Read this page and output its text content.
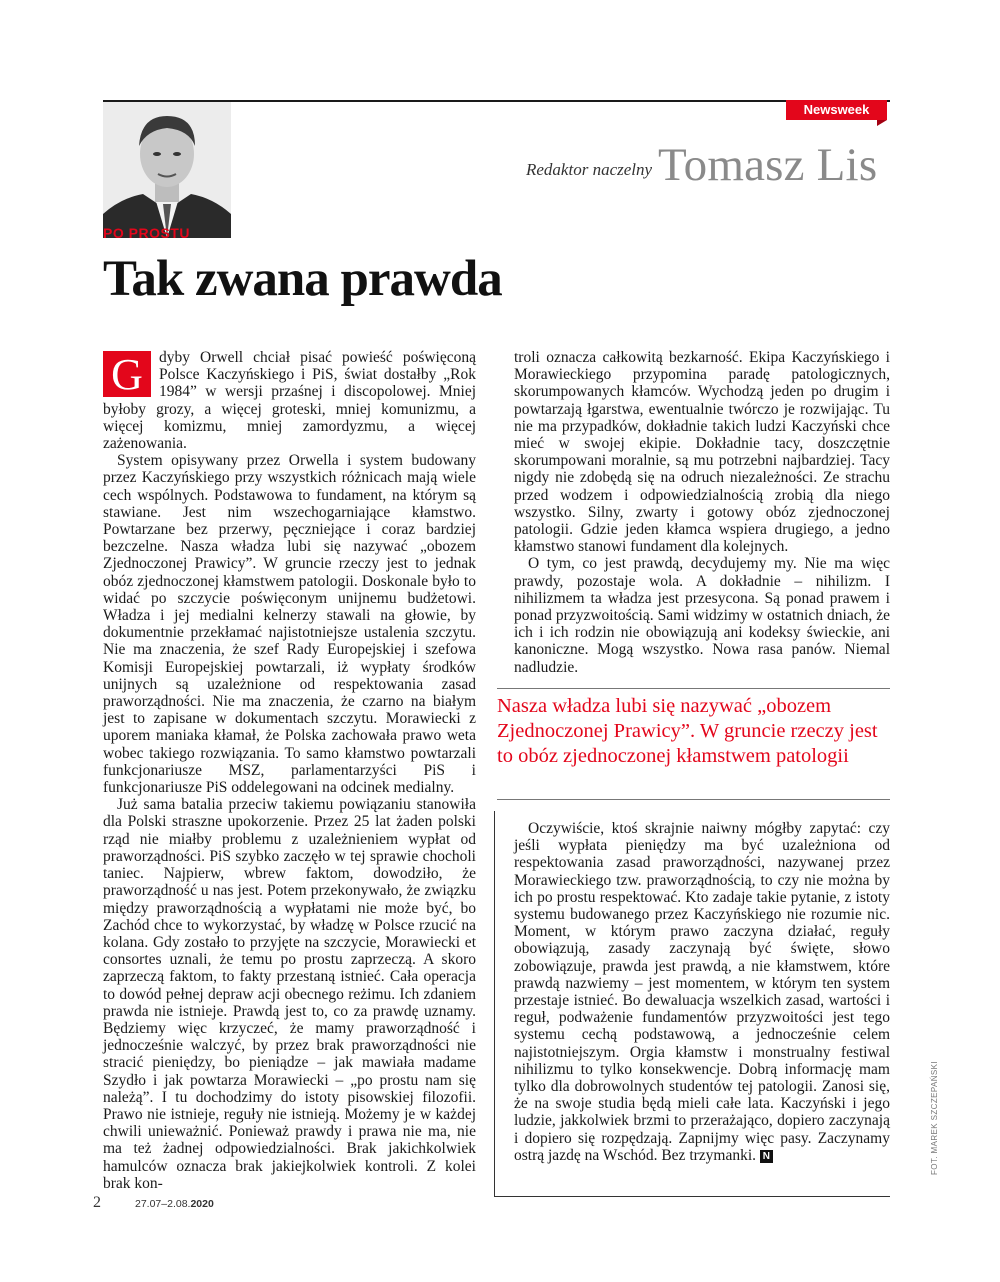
Newsweek
Redaktor naczelny Tomasz Lis
PO PROSTU
Tak zwana prawda

G	dyby Orwell chciał pisać powieść poświęconą Polsce Kaczyńskiego i PiS, świat dostałby „Rok 1984” w wersji przaśnej i discopolowej. Mniej byłoby grozy, a więcej groteski, mniej komunizmu, a więcej komizmu, mniej zamordyzmu, a więcej zażenowania.

System opisywany przez Orwella i system budowany przez Kaczyńskiego przy wszystkich różnicach mają wiele cech wspólnych. Podstawowa to fundament, na którym są stawiane. Jest nim wszechogarniające kłamstwo. Powtarzane bez przerwy, pęczniejące i coraz bardziej bezczelne. Nasza władza lubi się nazywać „obozem Zjednoczonej Prawicy”. W gruncie rzeczy jest to jednak obóz zjednoczonej kłamstwem patologii. Doskonale było to widać po szczycie poświęconym unijnemu budżetowi. Władza i jej medialni kelnerzy stawali na głowie, by dokumentnie przekłamać najistotniejsze ustalenia szczytu. Nie ma znaczenia, że szef Rady Europejskiej i szefowa Komisji Europejskiej powtarzali, iż wypłaty środków unijnych są uzależnione od respektowania zasad praworządności. Nie ma znaczenia, że czarno na białym jest to zapisane w dokumentach szczytu. Morawiecki z uporem maniaka kłamał, że Polska zachowała prawo weta wobec takiego rozwiązania. To samo kłamstwo powtarzali funkcjonariusze MSZ, parlamentarzyści PiS i funkcjonariusze PiS oddelegowani na odcinek medialny.

Już sama batalia przeciw takiemu powiązaniu stanowiła dla Polski straszne upokorzenie. Przez 25 lat żaden polski rząd nie miałby problemu z uzależnieniem wypłat od praworządności. PiS szybko zaczęło w tej sprawie chocholi taniec. Najpierw, wbrew faktom, dowodziło, że praworządność u nas jest. Potem przekonywało, że związku między praworządnością a wypłatami nie może być, bo Zachód chce to wykorzystać, by władzę w Polsce rzucić na kolana. Gdy zostało to przyjęte na szczycie, Morawiecki et consortes uznali, że temu po prostu zaprzeczą. A skoro zaprzeczą faktom, to fakty przestaną istnieć. Cała operacja to dowód pełnej depraw acji obecnego reżimu. Ich zdaniem prawda nie istnieje. Prawdą jest to, co za prawdę uznamy. Będziemy więc krzyczeć, że mamy praworządność i jednocześnie walczyć, by przez brak praworządności nie stracić pieniędzy, bo pieniądze – jak mawiała madame Szydło i jak powtarza Morawiecki – „po prostu nam się należą”. I tu dochodzimy do istoty pisowskiej filozofii. Prawo nie istnieje, reguły nie istnieją. Możemy je w każdej chwili unieważnić. Ponieważ prawdy i prawa nie ma, nie ma też żadnej odpowiedzialności. Brak jakichkolwiek hamulców oznacza brak jakiejkolwiek kontroli. Z kolei brak kon-

troli oznacza całkowitą bezkarność. Ekipa Kaczyńskiego i Morawieckiego przypomina paradę patologicznych, skorumpowanych kłamców. Wychodzą jeden po drugim i powtarzają łgarstwa, ewentualnie twórczo je rozwijając. Tu nie ma przypadków, dokładnie takich ludzi Kaczyński chce mieć w swojej ekipie. Dokładnie tacy, doszczętnie skorumpowani moralnie, są mu potrzebni najbardziej. Tacy nigdy nie zdobędą się na odruch niezależności. Ze strachu przed wodzem i odpowiedzialnością zrobią dla niego wszystko. Silny, zwarty i gotowy obóz zjednoczonej patologii. Gdzie jeden kłamca wspiera drugiego, a jedno kłamstwo stanowi fundament dla kolejnych.

O tym, co jest prawdą, decydujemy my. Nie ma więc prawdy, pozostaje wola. A dokładnie – nihilizm. I nihilizmem ta władza jest przesycona. Są ponad prawem i ponad przyzwoitością. Sami widzimy w ostatnich dniach, że ich i ich rodzin nie obowiązują ani kodeksy świeckie, ani kanoniczne. Mogą wszystko. Nowa rasa panów. Niemal nadludzie.

Nasza władza lubi się nazywać „obozem Zjednoczonej Prawicy”. W gruncie rzeczy jest to obóz zjednoczonej kłamstwem patologii

Oczywiście, ktoś skrajnie naiwny mógłby zapytać: czy jeśli wypłata pieniędzy ma być uzależniona od respektowania zasad praworządności, nazywanej przez Morawieckiego tzw. praworządnością, to czy nie można by ich po prostu respektować. Kto zadaje takie pytanie, z istoty systemu budowanego przez Kaczyńskiego nie rozumie nic. Moment, w którym prawo zaczyna działać, reguły obowiązują, zasady zaczynają być święte, słowo zobowiązuje, prawda jest prawdą, a nie kłamstwem, które prawdą nazwiemy – jest momentem, w którym ten system przestaje istnieć. Bo dewaluacja wszelkich zasad, wartości i reguł, podważenie fundamentów przyzwoitości jest tego systemu cechą podstawową, a jednocześnie celem najistotniejszym. Orgia kłamstw i monstrualny festiwal nihilizmu to tylko konsekwencje. Dobrą informację mam tylko dla dobrowolnych studentów tej patologii. Zanosi się, że na swoje studia będą mieli całe lata. Kaczyński i jego ludzie, jakkolwiek brzmi to przerażająco, dopiero zaczynają i dopiero się rozpędzają. Zapnijmy więc pasy. Zaczynamy ostrą jazdę na Wschód. Bez trzymanki. N	FOT. MAREK SZCZEPAŃSKI
2	27.07–2.08.2020
